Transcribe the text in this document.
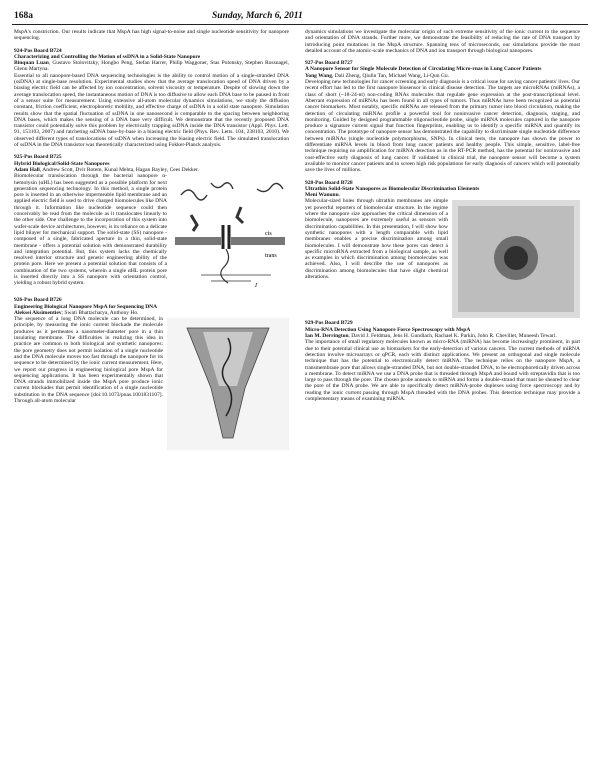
168a	Sunday, March 6, 2011

MspA's constriction. Our results indicate that MspA has high signal-to-noise and single nucleotide sensitivity for nanopore sequencing.

924-Pos Board B724
Characterizing and Controlling the Motion of ssDNA in a Solid-State Nanopore
Binquan Luan, Gustavo Stolovitzky, Hongbo Peng, Stefan Harrer, Philip Waggoner, Stas Polonsky, Stephen Rossnagel, Glenn Martyna.

Essential to all nanopore-based DNA sequencing technologies is the ability to control motion of a single-stranded DNA (ssDNA) at single-base resolution. Experimental studies show that the average translocation speed of DNA driven by a biasing electric field can be affected by ion concentration, solvent viscosity or temperature. Despite of slowing down the average translocation speed, the instantaneous motion of DNA is too diffusive to allow each DNA base to be paused in front of a sensor suite for measurement. Using extensive all-atom molecular dynamics simulations, we study the diffusion constant, friction coefficient, electrophoretic mobility, and effective charge of ssDNA in a solid state nanopore. Simulation results show that the spatial fluctuation of ssDNA in one nanosecond is comparable to the spacing between neighboring DNA bases, which makes the sensing of a DNA base very difficult. We demonstrate that the recently proposed DNA transistor could potentially solve this problem by electrically trapping ssDNA inside the DNA transistor (Appl. Phys. Lett. 91, 153103, 2007) and ratcheting ssDNA base-by-base in a biasing electric field (Phys. Rev. Letts. 104, 238103, 2010). We observed different types of translocations of ssDNA when increasing the biasing electric field. The simulated translocation of ssDNA in the DNA transistor was theoretically characterized using Fokker-Planck analysis.

925-Pos Board B725
Hybrid Biological/Solid-State Nanopores
Adam Hall, Andrew Scott, Dvir Rotem, Kunal Mehta, Hagan Bayley, Cees Dekker.
cis
trans
I

Biomolecular translocation through the bacterial nanopore α-hemolysin (αHL) has been suggested as a possible platform for next generation sequencing technology. In this method, a single protein pore is inserted in an otherwise impermeable lipid membrane and an applied electric field is used to drive charged biomolecules like DNA through it. Information like nucleotide sequence could then conceivably be read from the molecule as it translocates linearly to the other side. One challenge to the incorporation of this system into wafer-scale device architectures, however, is its reliance on a delicate lipid bilayer for mechanical support. The solid-state (SS) nanopore - composed of a single, fabricated aperture in a thin, solid-state membrane - offers a potential solution with demonstrated durability and integration potential. But, this system lacks the chemically resolved interior structure and genetic engineering ability of the protein pore. Here we present a potential solution that consists of a combination of the two systems, wherein a single αHL protein pore is inserted directly into a SS nanopore with orientation control, yielding a robust hybrid system.

926-Pos Board B726
Engineering Biological Nanopore MspA for Sequencing DNA
Aleksei Aksimentiev; Swati Bhattacharya, Anthony Ho.

The sequence of a long DNA molecule can be determined, in principle, by measuring the ionic current blockade the molecule produces as it permeates a nanometer-diameter pore in a thin insulating membrane. The difficulties in realizing this idea in practice are common to both biological and synthetic nanopores: the pore geometry does not permit isolation of a single nucleotide and the DNA molecule moves too fast through the nanopore for its sequence to be determined by the ionic current measurement. Here, we report our progress in engineering biological pore MspA for sequencing applications. It has been experimentally shown that DNA strands immobilized inside the MspA pore produce ionic current blockades that permit identification of a single nucleotide substitution in the DNA sequence [doi:10.1073/pnas.1001831107]. Through all-atom molecular

dynamics simulations we investigate the molecular origin of such extreme sensitivity of the ionic current to the sequence and orientation of DNA strands. Further more, we demonstrate the feasibility of reducing the rate of DNA transport by introducing point mutations in the MspA structure. Spanning tens of microseconds, our simulations provide the most detailed account of the atomic-scale mechanics of DNA and ion transport through biological nanopores.

927-Pos Board B727
A Nanopore Sensor for Single Molecule Detection of Circulating Micro-rnas in Lung Cancer Patients
Yong Wang, Dali Zheng, Qiulin Tan, Michael Wang, Li-Qun Gu.

Developing new technologies for cancer screening and early diagnosis is a critical issue for saving cancer patients' lives. Our recent effort has led to the first nanopore biosensor in clinical disease detection. The targets are microRNAs (miRNAs), a class of short (~18-24-nt) non-coding RNAs molecules that regulate gene expression at the post-transcriptional level. Aberrant expression of miRNAs has been found in all types of tumors. Thus miRNAs have been recognized as potential cancer biomarkers. Most notably, specific miRNAs are released from the primary tumor into blood circulation, making the detection of circulating miRNAs profile a powerful tool for noninvasive cancer detection, diagnosis, staging, and monitoring. Guided by designed programmable oligonucleotide probe, single miRNA molecules captured in the nanopore produce a signature current signal that function fingerprints, enabling us to identify a specific miRNA and quantify its concentration. The prototype of nanopore sensor has demonstrated the capability to discriminate single nucleotide difference between miRNAs (single nucleotide polymorphisms, SNPs). In clinical tests, the nanopore has shown the power to differentiate miRNA levels in blood from lung cancer patients and healthy people. This simple, sensitive, label-free technique requiring no amplification for miRNA detection as in the RT-PCR method, has the potential for noninvasive and cost-effective early diagnosis of lung cancer. If validated in clinical trial, the nanopore sensor will become a system available to monitor cancer patients and to screen high risk populations for early diagnosis of cancers which will potentially save the lives of millions.

928-Pos Board B728
Ultrathin Solid-State Nanopores as Biomolecular Discrimination Elements
Meni Wanunu.

Molecular-sized holes through ultrathin membranes are simple yet powerful reporters of biomolecular structure. In the regime where the nanopore size approaches the critical dimension of a biomolecule, nanopores are extremely useful as sensors with discrimination capabilities. In this presentation, I will show how synthetic nanopores with a length comparable with lipid membranes enables a precise discrimination among small biomolecules. I will demonstrate how these pores can detect a specific microRNA extracted from a biological sample, as well as examples in which discrimination among biomolecules was achieved. Also, I will describe the use of nanopores as discrimination among biomolecules that have slight chemical alterations.

929-Pos Board B729
Micro-RNA Detection Using Nanopore Force Spectroscopy with MspA
Ian M. Derrington, David J. Feldman, Jens H. Gundlach, Rachael K. Parkin, John R. Chevillet, Muneesh Tewari.

The importance of small regulatory molecules known as micro-RNA (miRNA) has become increasingly prominent, in part due to their potential clinical use as biomarkers for the early-detection of various cancers. The current methods of miRNA detection involve microarrays or qPCR, each with distinct applications. We present an orthogonal and single molecule technique that has the potential to electronically detect miRNA. The technique relies on the nanopore MspA, a transmembrane pore that allows single-stranded DNA, but not double-stranded DNA, to be electrophoretically driven across a membrane. To detect miRNA we use a DNA probe that is threaded through MspA and bound with streptavidin that is too large to pass through the pore. The chosen probe anneals to miRNA and forms a double-strand that must be sheared to clear the pore of the DNA probe. We are able to specifically detect miRNA-probe duplexes using force spectroscopy and by reading the ionic current passing through MspA threaded with the DNA probes. This detection technique may provide a complementary means of examining miRNA.
